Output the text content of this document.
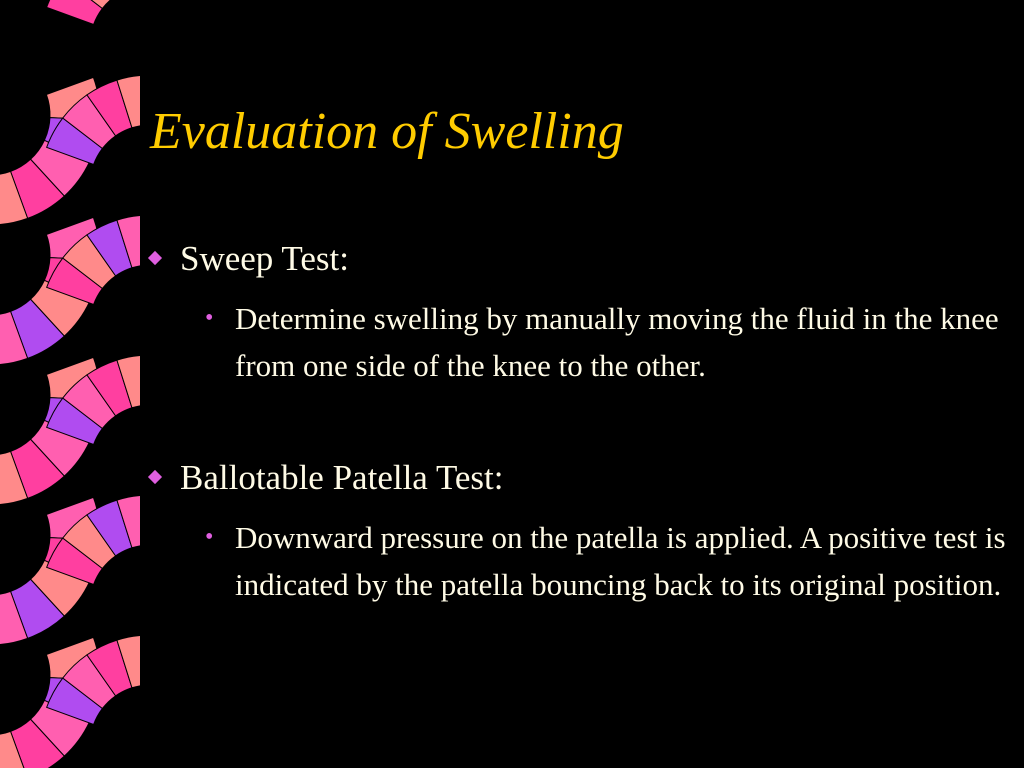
Evaluation of Swelling
Sweep Test:
• Determine swelling by manually moving the fluid in the knee from one side of the knee to the other.
Ballotable Patella Test:
• Downward pressure on the patella is applied. A positive test is indicated by the patella bouncing back to its original position.
